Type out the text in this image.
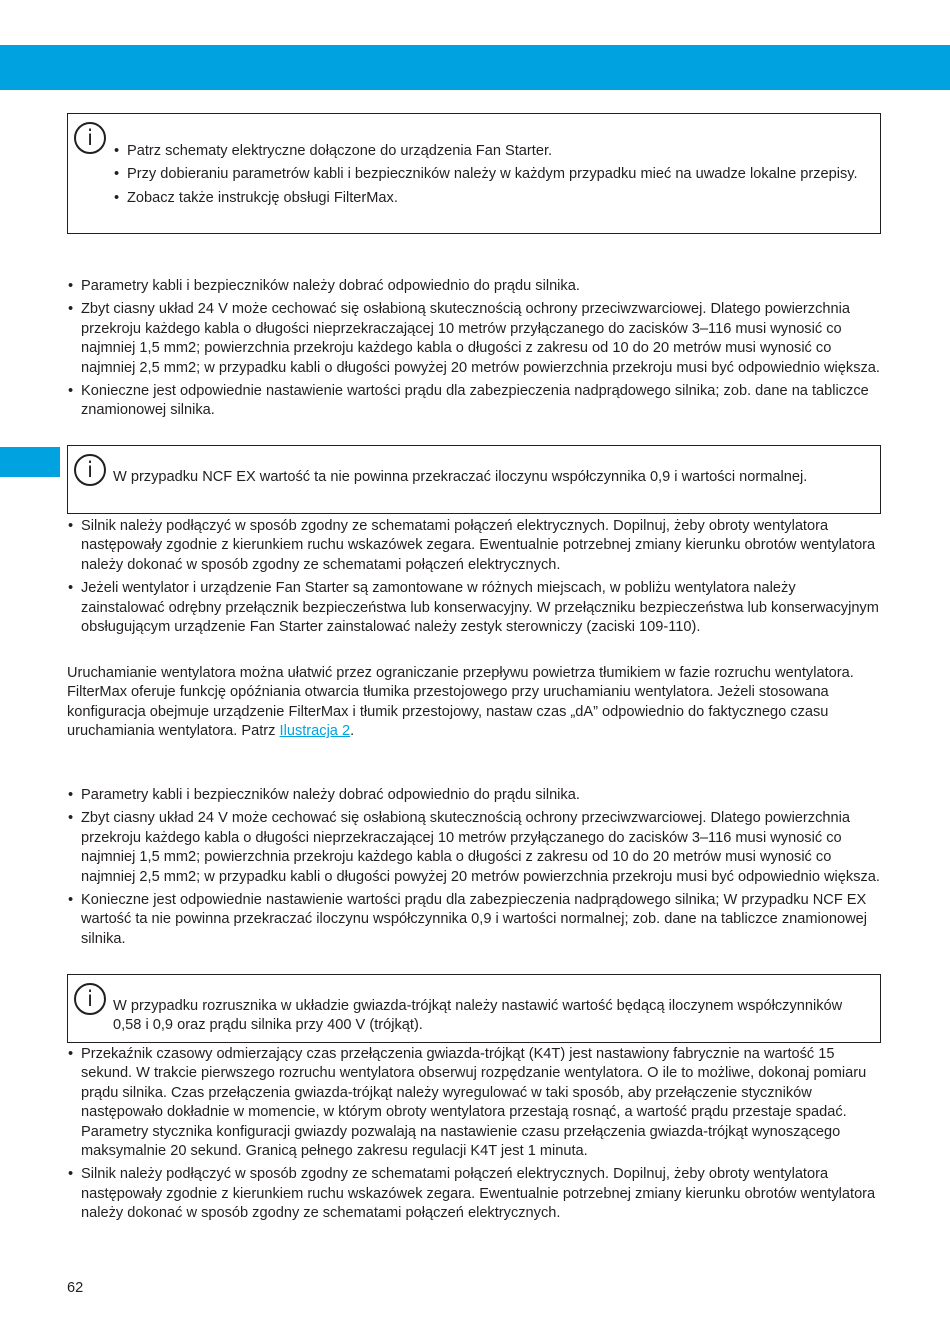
i
• Patrz schematy elektryczne dołączone do urządzenia Fan Starter.
• Przy dobieraniu parametrów kabli i bezpieczników należy w każdym przypadku mieć na uwadze lokalne przepisy.
• Zobacz także instrukcję obsługi FilterMax.
• Parametry kabli i bezpieczników należy dobrać odpowiednio do prądu silnika.
• Zbyt ciasny układ 24 V może cechować się osłabioną skutecznością ochrony przeciwzwarciowej. Dlatego powierzchnia przekroju każdego kabla o długości nieprzekraczającej 10 metrów przyłączanego do zacisków 3–116 musi wynosić co najmniej 1,5 mm2; powierzchnia przekroju każdego kabla o długości z zakresu od 10 do 20 metrów musi wynosić co najmniej 2,5 mm2; w przypadku kabli o długości powyżej 20 metrów powierzchnia przekroju musi być odpowiednio większa.
• Konieczne jest odpowiednie nastawienie wartości prądu dla zabezpieczenia nadprądowego silnika; zob. dane na tabliczce znamionowej silnika.
i	W przypadku NCF EX wartość ta nie powinna przekraczać iloczynu współczynnika 0,9 i wartości normalnej.
• Silnik należy podłączyć w sposób zgodny ze schematami połączeń elektrycznych. Dopilnuj, żeby obroty wentylatora następowały zgodnie z kierunkiem ruchu wskazówek zegara. Ewentualnie potrzebnej zmiany kierunku obrotów wentylatora należy dokonać w sposób zgodny ze schematami połączeń elektrycznych.
• Jeżeli wentylator i urządzenie Fan Starter są zamontowane w różnych miejscach, w pobliżu wentylatora należy zainstalować odrębny przełącznik bezpieczeństwa lub konserwacyjny. W przełączniku bezpieczeństwa lub konserwacyjnym obsługującym urządzenie Fan Starter zainstalować należy zestyk sterowniczy (zaciski 109-110).

Uruchamianie wentylatora można ułatwić przez ograniczanie przepływu powietrza tłumikiem w fazie rozruchu wentylatora. FilterMax oferuje funkcję opóźniania otwarcia tłumika przestojowego przy uruchamianiu wentylatora. Jeżeli stosowana konfiguracja obejmuje urządzenie FilterMax i tłumik przestojowy, nastaw czas „dA” odpowiednio do faktycznego czasu uruchamiania wentylatora. Patrz Ilustracja 2.

• Parametry kabli i bezpieczników należy dobrać odpowiednio do prądu silnika.
• Zbyt ciasny układ 24 V może cechować się osłabioną skutecznością ochrony przeciwzwarciowej. Dlatego powierzchnia przekroju każdego kabla o długości nieprzekraczającej 10 metrów przyłączanego do zacisków 3–116 musi wynosić co najmniej 1,5 mm2; powierzchnia przekroju każdego kabla o długości z zakresu od 10 do 20 metrów musi wynosić co najmniej 2,5 mm2; w przypadku kabli o długości powyżej 20 metrów powierzchnia przekroju musi być odpowiednio większa.
• Konieczne jest odpowiednie nastawienie wartości prądu dla zabezpieczenia nadprądowego silnika; W przypadku NCF EX wartość ta nie powinna przekraczać iloczynu współczynnika 0,9 i wartości normalnej; zob. dane na tabliczce znamionowej silnika.
i	W przypadku rozrusznika w układzie gwiazda-trójkąt należy nastawić wartość będącą iloczynem współczynników 0,58 i 0,9 oraz prądu silnika przy 400 V (trójkąt).
• Przekaźnik czasowy odmierzający czas przełączenia gwiazda-trójkąt (K4T) jest nastawiony fabrycznie na wartość 15 sekund. W trakcie pierwszego rozruchu wentylatora obserwuj rozpędzanie wentylatora. O ile to możliwe, dokonaj pomiaru prądu silnika. Czas przełączenia gwiazda-trójkąt należy wyregulować w taki sposób, aby przełączenie styczników następowało dokładnie w momencie, w którym obroty wentylatora przestają rosnąć, a wartość prądu przestaje spadać. Parametry stycznika konfiguracji gwiazdy pozwalają na nastawienie czasu przełączenia gwiazda-trójkąt wynoszącego maksymalnie 20 sekund. Granicą pełnego zakresu regulacji K4T jest 1 minuta.
• Silnik należy podłączyć w sposób zgodny ze schematami połączeń elektrycznych. Dopilnuj, żeby obroty wentylatora następowały zgodnie z kierunkiem ruchu wskazówek zegara. Ewentualnie potrzebnej zmiany kierunku obrotów wentylatora należy dokonać w sposób zgodny ze schematami połączeń elektrycznych.
62
